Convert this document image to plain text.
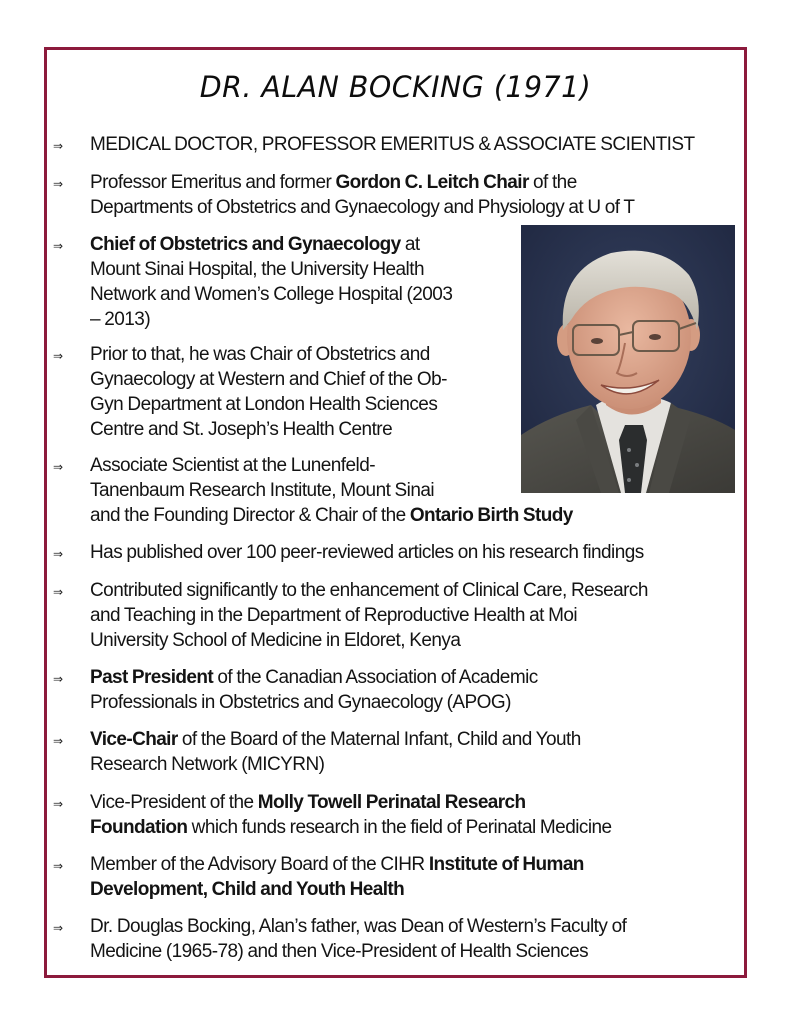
DR. ALAN BOCKING (1971)
⇒ MEDICAL DOCTOR, PROFESSOR EMERITUS & ASSOCIATE SCIENTIST
⇒ Professor Emeritus and former Gordon C. Leitch Chair of the
Departments of Obstetrics and Gynaecology and Physiology at U of T
⇒ Chief of Obstetrics and Gynaecology at
Mount Sinai Hospital, the University Health
Network and Women’s College Hospital (2003
– 2013)
⇒ Prior to that, he was Chair of Obstetrics and
Gynaecology at Western and Chief of the Ob-
Gyn Department at London Health Sciences
Centre and St. Joseph’s Health Centre
⇒ Associate Scientist at the Lunenfeld-
Tanenbaum Research Institute, Mount Sinai
and the Founding Director & Chair of the Ontario Birth Study
⇒ Has published over 100 peer-reviewed articles on his research findings
⇒ Contributed significantly to the enhancement of Clinical Care, Research
and Teaching in the Department of Reproductive Health at Moi
University School of Medicine in Eldoret, Kenya
⇒ Past President of the Canadian Association of Academic
Professionals in Obstetrics and Gynaecology (APOG)
⇒ Vice-Chair of the Board of the Maternal Infant, Child and Youth
Research Network (MICYRN)
⇒ Vice-President of the Molly Towell Perinatal Research
Foundation which funds research in the field of Perinatal Medicine
⇒ Member of the Advisory Board of the CIHR Institute of Human
Development, Child and Youth Health
⇒ Dr. Douglas Bocking, Alan’s father, was Dean of Western’s Faculty of
Medicine (1965-78) and then Vice-President of Health Sciences
